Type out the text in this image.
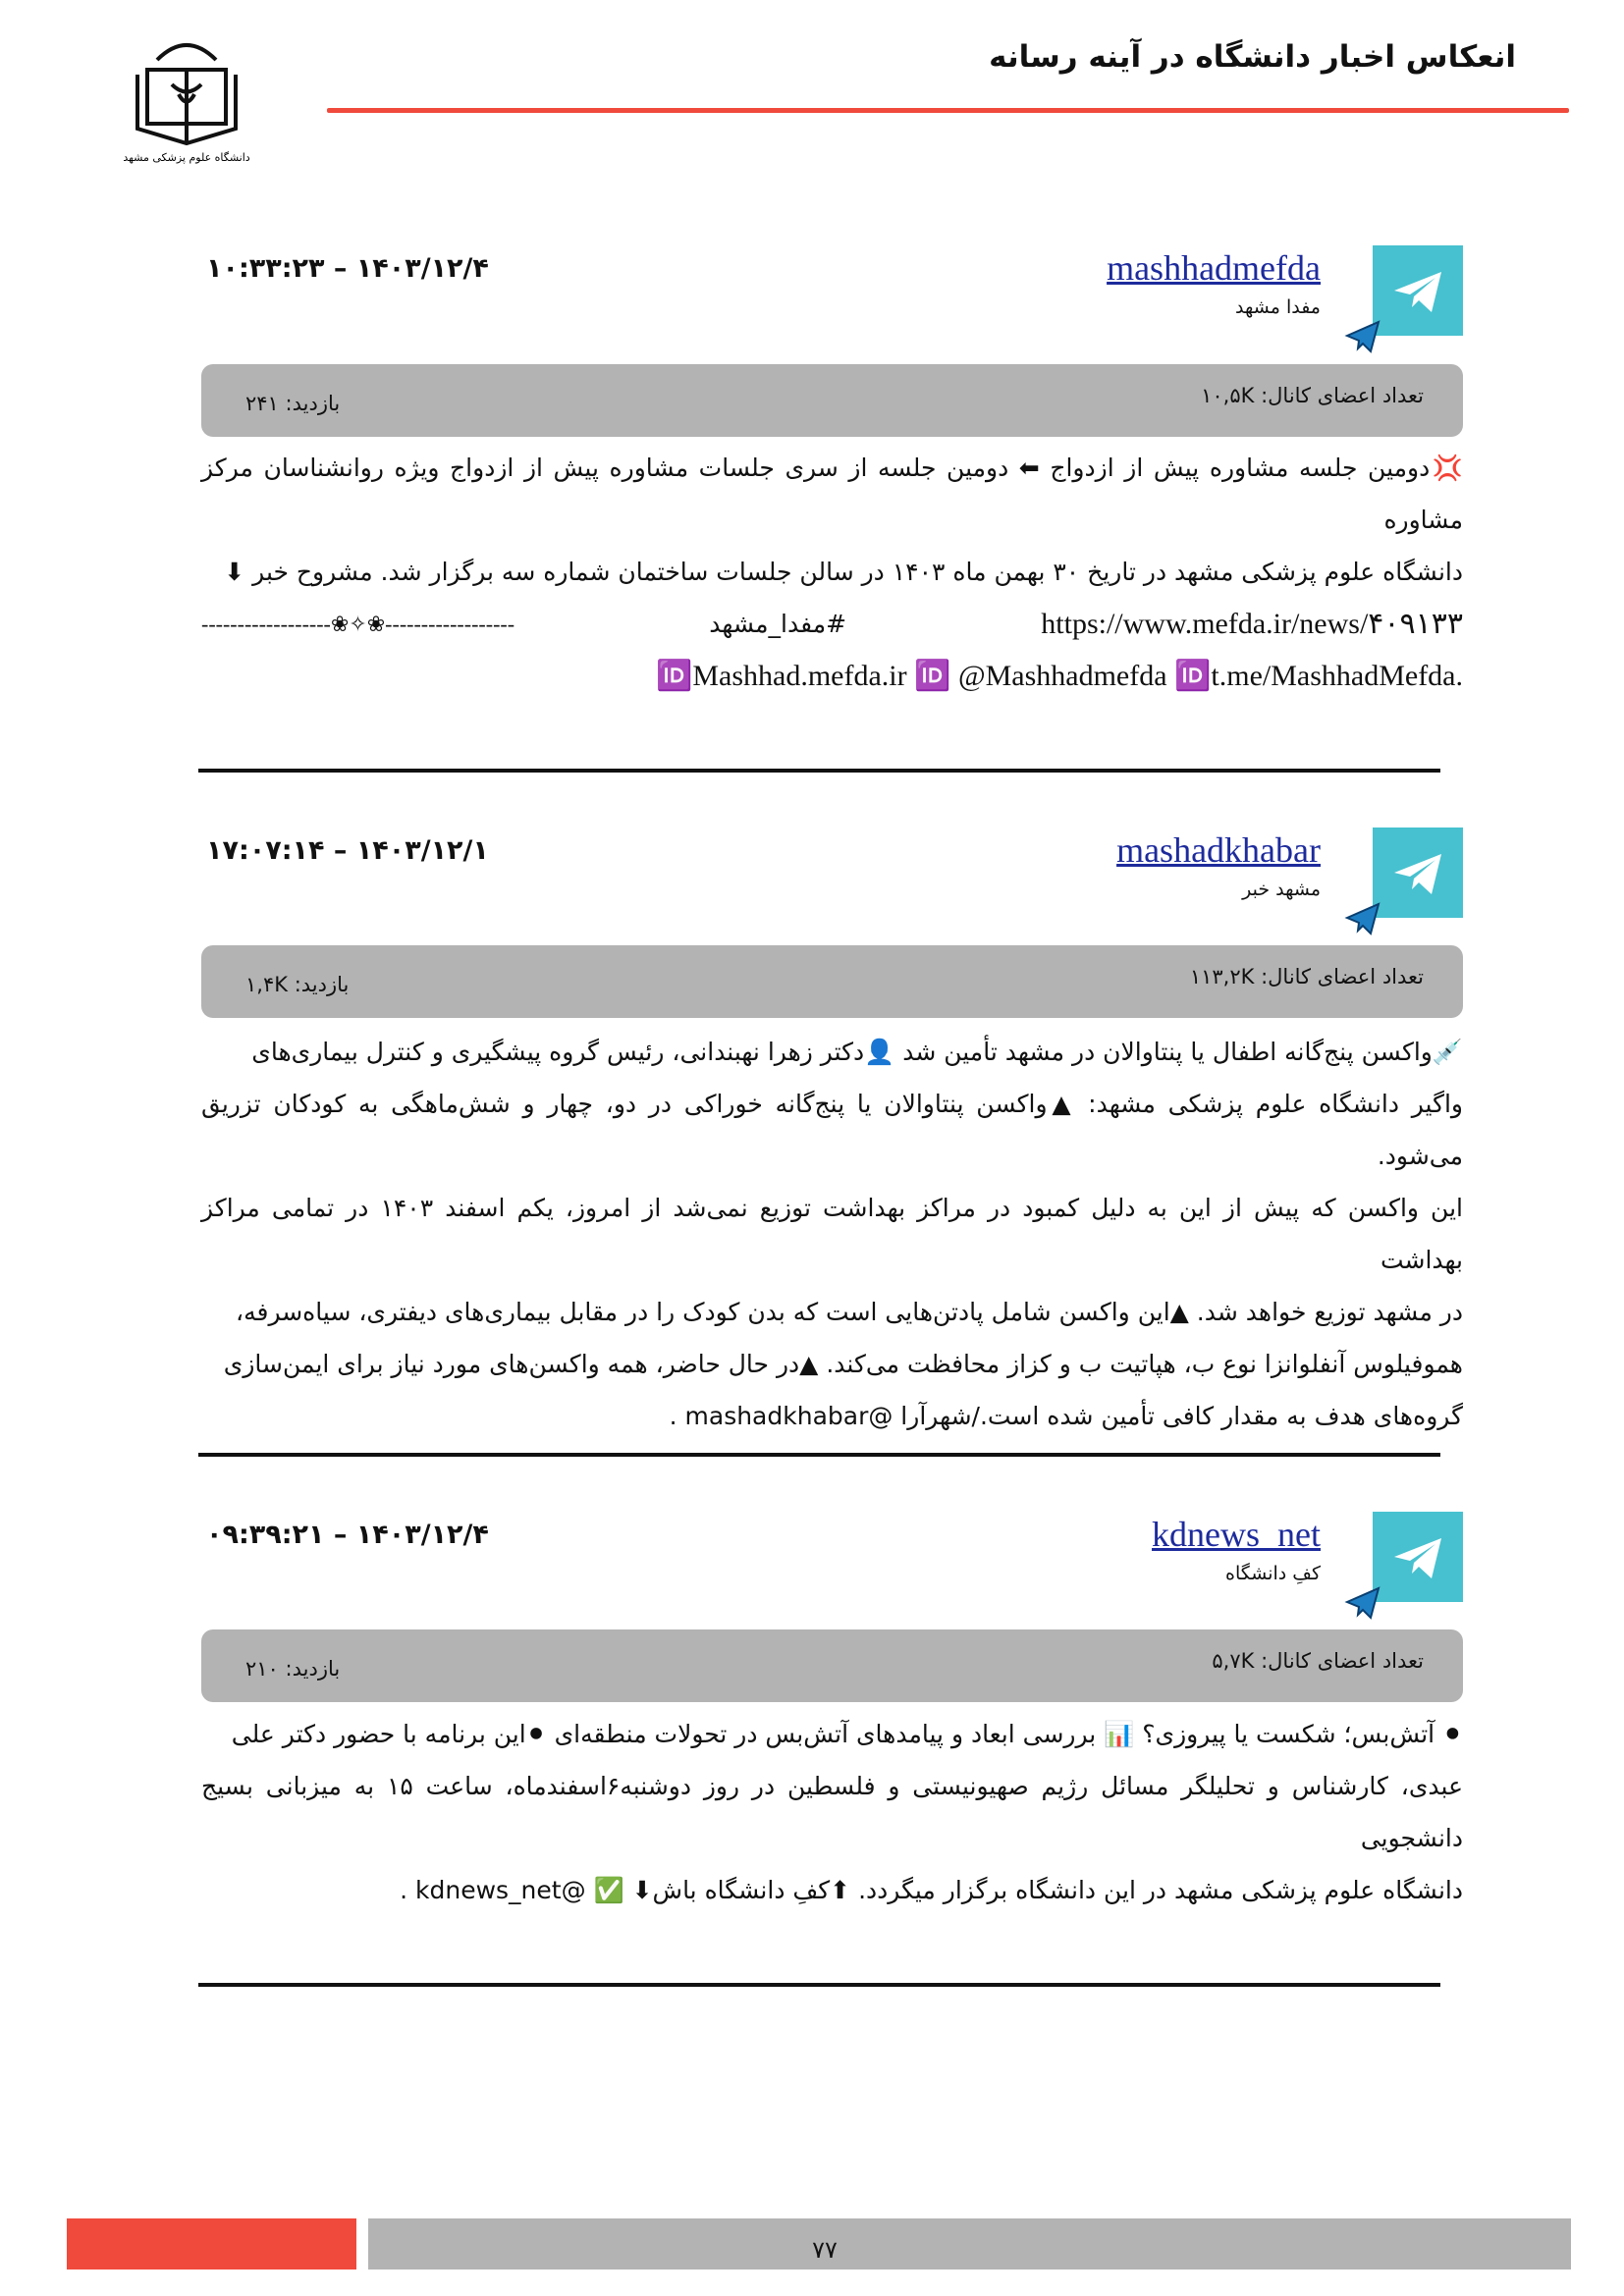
انعکاس اخبار دانشگاه در آینه رسانه
دانشگاه علوم پزشکی مشهد
mashhadmefda
مفدا مشهد
۱۴۰۳/۱۲/۴ – ۱۰:۳۳:۲۳
تعداد اعضای کانال: ۱۰,۵K
بازدید: ۲۴۱

💢دومین جلسه مشاوره پیش از ازدواج ⬅ دومین جلسه از سری جلسات مشاوره پیش از ازدواج ویژه روانشناسان مرکز مشاوره

دانشگاه علوم پزشکی مشهد در تاریخ ۳۰ بهمن ماه ۱۴۰۳ در سالن جلسات ساختمان شماره سه برگزار شد. مشروح خبر ⬇

------------------❀✧❀------------------	#مفدا_مشهد	https://www.mefda.ir/news/۴۰۹۱۳۳

.🆔Mashhad.mefda.ir 🆔 @Mashhadmefda 🆔t.me/MashhadMefda

mashadkhabar
مشهد خبر
۱۴۰۳/۱۲/۱ – ۱۷:۰۷:۱۴
تعداد اعضای کانال: ۱۱۳,۲K
بازدید: ۱,۴K

💉واکسن پنج‌گانه اطفال یا پنتاوالان در مشهد تأمین شد 👤دکتر زهرا نهبندانی، رئیس گروه پیشگیری و کنترل بیماری‌های

واگیر دانشگاه علوم پزشکی مشهد: ▲واکسن پنتاوالان یا پنج‌گانه خوراکی در دو، چهار و شش‌ماهگی به کودکان تزریق می‌شود.

این واکسن که پیش از این به دلیل کمبود در مراکز بهداشت توزیع نمی‌شد از امروز، یکم اسفند ۱۴۰۳ در تمامی مراکز بهداشت

در مشهد توزیع خواهد شد. ▲این واکسن شامل پادتن‌هایی است که بدن کودک را در مقابل بیماری‌های دیفتری، سیاه‌سرفه،

هموفیلوس آنفلوانزا نوع ب، هپاتیت ب و کزاز محافظت می‌کند. ▲در حال حاضر، همه واکسن‌های مورد نیاز برای ایمن‌سازی

گروه‌های هدف به مقدار کافی تأمین شده است./شهرآرا @mashadkhabar .

kdnews_net
کفِ دانشگاه
۱۴۰۳/۱۲/۴ – ۰۹:۳۹:۲۱
تعداد اعضای کانال: ۵,۷K
بازدید: ۲۱۰

⚫ آتش‌بس؛ شکست یا پیروزی؟ 📊 بررسی ابعاد و پیامدهای آتش‌بس در تحولات منطقه‌ای ⚫این برنامه با حضور دکتر علی

عبدی، کارشناس و تحلیلگر مسائل رژیم صهیونیستی و فلسطین در روز دوشنبه۶اسفندماه، ساعت ۱۵ به میزبانی بسیج دانشجویی

دانشگاه علوم پزشکی مشهد در این دانشگاه برگزار میگردد. ⬆کفِ دانشگاه باش⬇ ✅ @kdnews_net .

۷۷
